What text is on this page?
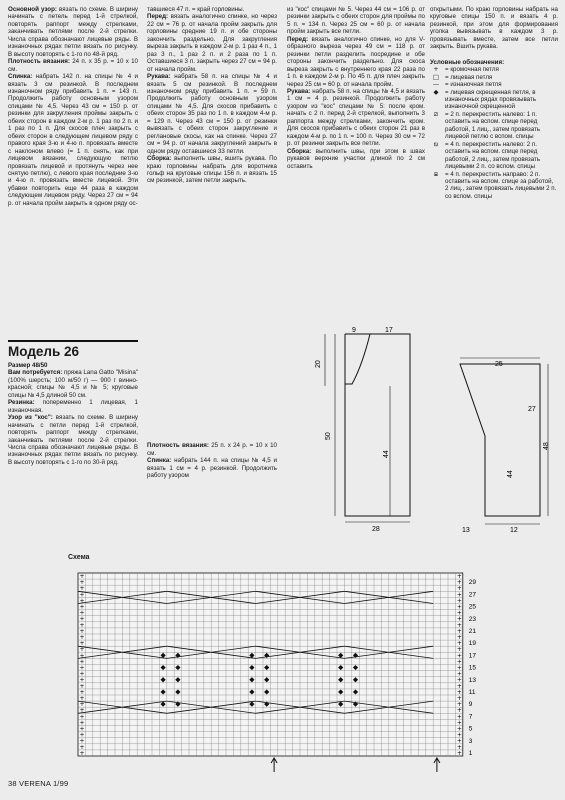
Основной узор: вязать по схеме. В ширину начинать с петель перед 1-й стрелкой, повторять раппорт между стрелками, заканчивать петлями после 2-й стрелки. Числа справа обозначают лицевые ряды. В изнаночных рядах петли вязать по рисунку. В высоту повторять с 1-го по 48-й ряд.

Плотность вязания: 24 п. х 35 р. = 10 х 10 см.

Спинка: набрать 142 п. на спицы № 4 и вязать 3 см резинкой. В последнем изнаночном ряду прибавить 1 п. = 143 п. Продолжить работу основным узором спицами № 4,5. Через 43 см = 150 р. от резинки для закругления проймы закрыть с обеих сторон в каждом 2-м р. 1 раз по 2 п. и 1 раз по 1 п. Для скосов плеч закрыть с обеих сторон в следующем лицевом ряду с правого края 3-ю и 4-ю п. провязать вместе с наклоном влево (= 1 п. снять, как при лицевом вязании, следующую петлю провязать лицевой и протянуть через нее снятую петлю), с левого края последние 3-ю и 4-ю п. провязать вместе лицевой. Эти убавки повторить еще 44 раза в каждом следующем лицевом ряду. Через 27 см = 94 р. от начала пройм закрыть в одном ряду ос-

тавшиеся 47 п. = край горловины.

Перед: вязать аналогично спинке, но через 22 см = 76 р. от начала пройм закрыть для горловины средние 19 п. и обе стороны закончить раздельно. Для закругления выреза закрыть в каждом 2-м р. 1 раз 4 п., 1 раз 3 п., 1 раз 2 п. и 2 раза по 1 п. Оставшиеся 3 п. закрыть через 27 см = 94 р. от начала пройм.

Рукава: набрать 58 п. на спицы № 4 и вязать 5 см резинкой. В последнем изнаночном ряду прибавить 1 п. = 59 п. Продолжить работу основным узором спицами № 4,5. Для скосов прибавить с обеих сторон 35 раз по 1 п. в каждом 4-м р. = 129 п. Через 43 см = 150 р. от резинки вывязать с обеих сторон закругление и реглановые скосы, как на спинке. Через 27 см = 94 р. от начала закруглений закрыть в одном ряду оставшиеся 33 петли.

Сборка: выполнить швы, вшить рукава. По краю горловины набрать для воротника гольф на круговые спицы 156 п. и вязать 15 см резинкой, затем петли закрыть.

из "кос" спицами № 5. Через 44 см = 106 р. от резинки закрыть с обеих сторон для проймы по 5 п. = 134 п. Через 25 см = 60 р. от начала пройм закрыть все петли.

Перед: вязать аналогично спинке, но для V-образного выреза через 49 см = 118 р. от резинки петли разделить посредине и обе стороны закончить раздельно. Для скоса выреза закрыть с внутреннего края 22 раза по 1 п. в каждом 2-м р. По 45 п. для плеч закрыть через 25 см = 60 р. от начала пройм.

Рукава: набрать 58 п. на спицы № 4,5 и вязать 1 см = 4 р. резинкой. Продолжить работу узором из "кос" спицами № 5: после кром. начать с 2 п. перед 2-й стрелкой, выполнить 3 раппорта между стрелками, закончить кром. Для скосов прибавить с обеих сторон 21 раз в каждом 4-м р. по 1 п. = 100 п. Через 30 см = 72 р. от резинки закрыть все петли.

Сборка: выполнить швы, при этом в швах рукавов верхние участки длиной по 2 см оставить

открытыми. По краю горловины набрать на круговые спицы 150 п. и вязать 4 р. резинкой, при этом для формирования уголка вывязывать в каждом 3 р. провязывать вместе, затем все петли закрыть. Вшить рукава.

Условные обозначения:

+	= кромочная петля
□ = лицевая петля
— = изнаночная петля
◆	= лицевая скрещенная петля, в изнаночных рядах провязывать изнаночной скрещенной
⧄	= 2 п. перекрестить налево: 1 п. оставить на вспом. спице перед работой, 1 лиц., затем провязать лицевой петлю с вспом. спицы
⧅	= 4 п. перекрестить налево: 2 п. оставить на вспом. спице перед работой, 2 лиц., затем провязать лицевыми 2 п. со вспом. спицы
⧆	= 4 п. перекрестить направо: 2 п. оставить на вспом. спице за работой, 2 лиц., затем провязать лицевыми 2 п. со вспом. спицы
Модель 26

Размер 48/50

Вам потребуется: пряжа Lana Gatto "Misina" (100% шерсть; 100 м/50 г) — 900 г винно-красной; спицы № 4,5 и № 5; круговые спицы № 4,5 длиной 50 см.

Резинка: попеременно 1 лицевая, 1 изнаночная.

Узор из "кос": вязать по схеме. В ширину начинать с петли перед 1-й стрелкой, повторять раппорт между стрелками, заканчивать петлями после 2-й стрелки. Числа справа обозначают лицевые ряды. В изнаночных рядах петли вязать по рисунку. В высоту повторять с 1-го по 30-й ряд.

Плотность вязания: 25 п. х 24 р. = 10 х 10 см.

Спинка: набрать 144 п. на спицы № 4,5 и вязать 1 см = 4 р. резинкой. Продолжить работу узором

9	17
20
50
44
28
25
48
44
27
13	12
Схема
+	+
+	+
+	+
+	+
+	+
+	+
+	+
+	+
+	+
+	+
+	+
+	+
+	+
+	+
+	+
+	+
+	+
+	+
+	+
+	+
+	+
+	+
+	+
+	+
+	+
+	+
+	+
+	+
+	+
+	+
29
27
25
23
21
19
17
15
13
11
9
7
5
3
1
38 VERENA 1/99
